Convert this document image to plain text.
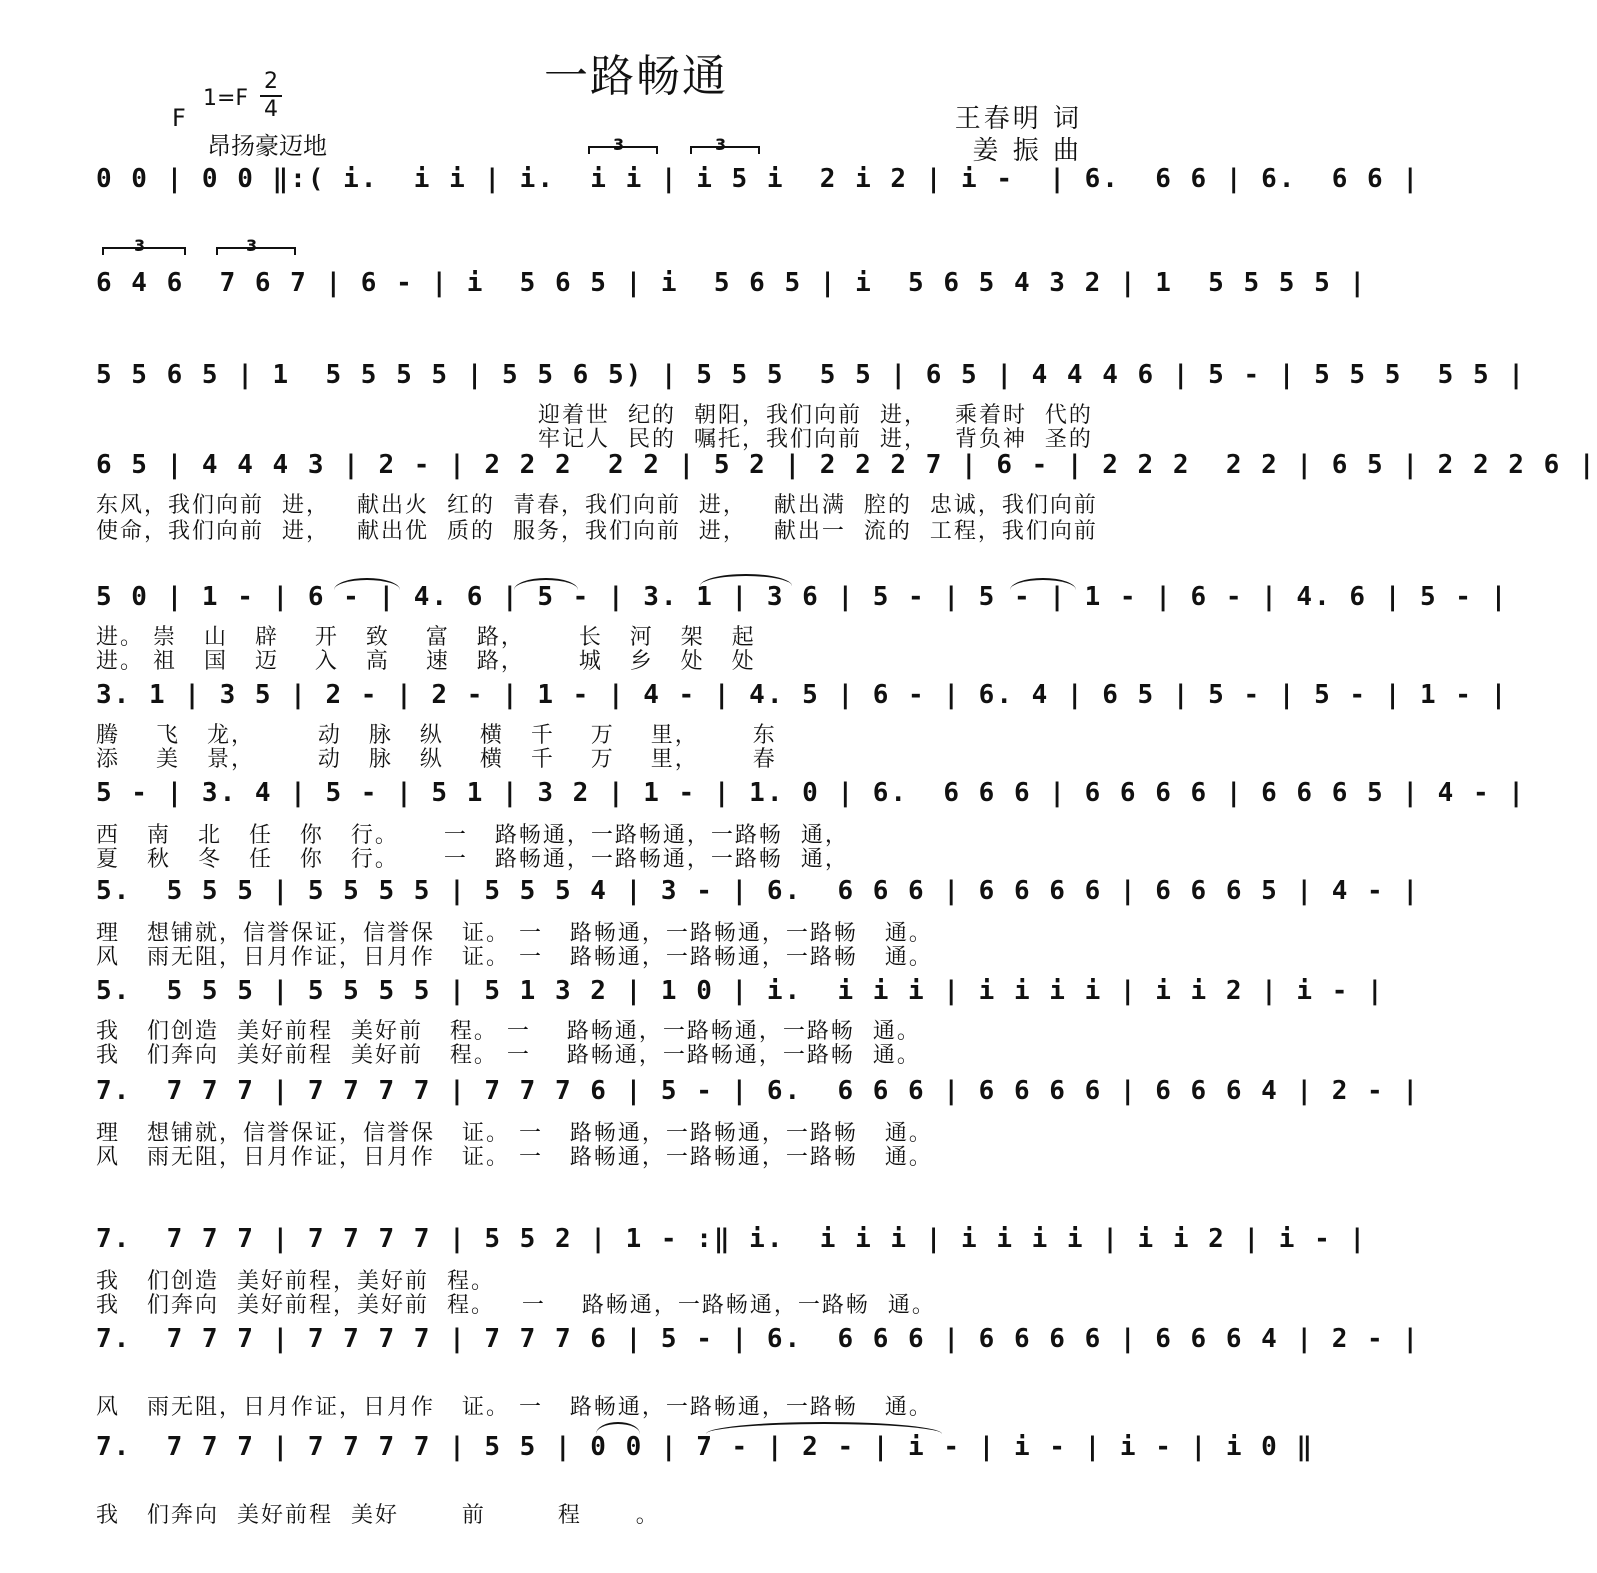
一路畅通
F
1=F
2
4
昂扬豪迈地
王春明 词
姜 振 曲
3	3
3	3
0 0 | 0 0 ‖:( i.  i i | i.  i i | i 5 i  2 i 2 | i -  | 6.  6 6 | 6.  6 6 |
6 4 6  7 6 7 | 6 - | i  5 6 5 | i  5 6 5 | i  5 6 5 4 3 2 | 1  5 5 5 5 |
5 5 6 5 | 1  5 5 5 5 | 5 5 6 5) | 5 5 5  5 5 | 6 5 | 4 4 4 6 | 5 - | 5 5 5  5 5 |
迎着世  纪的  朝阳，我们向前  进，   乘着时  代的
牢记人  民的  嘱托，我们向前  进，   背负神  圣的
6 5 | 4 4 4 3 | 2 - | 2 2 2  2 2 | 5 2 | 2 2 2 7 | 6 - | 2 2 2  2 2 | 6 5 | 2 2 2 6 |
东风，我们向前  进，   献出火  红的  青春，我们向前  进，   献出满  腔的  忠诚，我们向前
使命，我们向前  进，   献出优  质的  服务，我们向前  进，   献出一  流的  工程，我们向前
5 0 | 1 - | 6 - | 4. 6 | 5 - | 3. 1 | 3 6 | 5 - | 5 - | 1 - | 6 - | 4. 6 | 5 - |
进。 崇   山   辟    开   致    富   路，      长   河   架   起
进。 祖   国   迈    入   高    速   路，      城   乡   处   处
3. 1 | 3 5 | 2 - | 2 - | 1 - | 4 - | 4. 5 | 6 - | 6. 4 | 6 5 | 5 - | 5 - | 1 - |
腾    飞   龙，       动   脉   纵    横   千    万    里，      东
添    美   景，       动   脉   纵    横   千    万    里，      春
5 - | 3. 4 | 5 - | 5 1 | 3 2 | 1 - | 1. 0 | 6.  6 6 6 | 6 6 6 6 | 6 6 6 5 | 4 - |
西   南   北   任   你   行。     一   路畅通，一路畅通，一路畅  通，
夏   秋   冬   任   你   行。     一   路畅通，一路畅通，一路畅  通，
5.  5 5 5 | 5 5 5 5 | 5 5 5 4 | 3 - | 6.  6 6 6 | 6 6 6 6 | 6 6 6 5 | 4 - |
理   想铺就，信誉保证，信誉保   证。 一   路畅通，一路畅通，一路畅   通。
风   雨无阻，日月作证，日月作   证。 一   路畅通，一路畅通，一路畅   通。
5.  5 5 5 | 5 5 5 5 | 5 1 3 2 | 1 0 | i.  i i i | i i i i | i i 2 | i - |
我   们创造  美好前程  美好前   程。 一    路畅通，一路畅通，一路畅  通。
我   们奔向  美好前程  美好前   程。 一    路畅通，一路畅通，一路畅  通。
7.  7 7 7 | 7 7 7 7 | 7 7 7 6 | 5 - | 6.  6 6 6 | 6 6 6 6 | 6 6 6 4 | 2 - |
理   想铺就，信誉保证，信誉保   证。 一   路畅通，一路畅通，一路畅   通。
风   雨无阻，日月作证，日月作   证。 一   路畅通，一路畅通，一路畅   通。
7.  7 7 7 | 7 7 7 7 | 5 5 2 | 1 - :‖ i.  i i i | i i i i | i i 2 | i - |
我   们创造  美好前程，美好前  程。
我   们奔向  美好前程，美好前  程。   一    路畅通，一路畅通，一路畅  通。
7.  7 7 7 | 7 7 7 7 | 7 7 7 6 | 5 - | 6.  6 6 6 | 6 6 6 6 | 6 6 6 4 | 2 - |
风   雨无阻，日月作证，日月作   证。 一   路畅通，一路畅通，一路畅   通。
7.  7 7 7 | 7 7 7 7 | 5 5 | 0 0 | 7 - | 2 - | i - | i - | i - | i 0 ‖
我   们奔向  美好前程  美好       前        程      。
